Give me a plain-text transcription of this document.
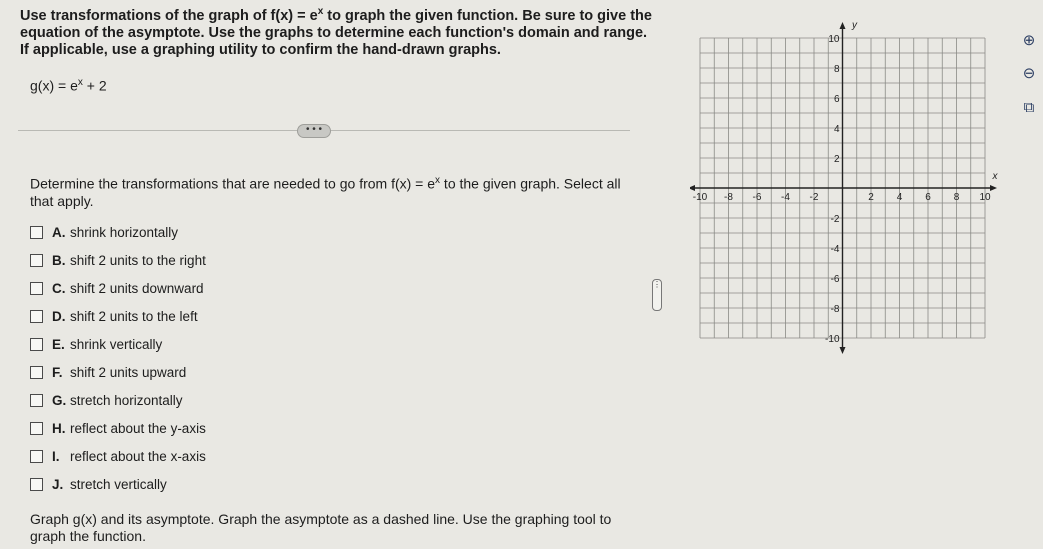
Use transformations of the graph of $f(x) = e^x$ to graph the given function. Be sure to give the
equation of the asymptote. Use the graphs to determine each function's domain and range.
If applicable, use a graphing utility to confirm the hand-drawn graphs.
$g(x) = e^x + 2$
• • •
Determine the transformations that are needed to go from $f(x) = e^x$ to the given graph. Select all
that apply.
A. shrink horizontally
B. shift 2 units to the right
C. shift 2 units downward
D. shift 2 units to the left
E. shrink vertically
F. shift 2 units upward
G. stretch horizontally
H. reflect about the y-axis
I. reflect about the x-axis
J. stretch vertically
Graph g(x) and its asymptote. Graph the asymptote as a dashed line. Use the graphing tool to
graph the function.
⋮
x
y
-10 -8 -6 -4 -2	2 4 6 8 10
10
8
6
4
2
-2
-4
-6
-8
-10
⊕
⊖
⧉
